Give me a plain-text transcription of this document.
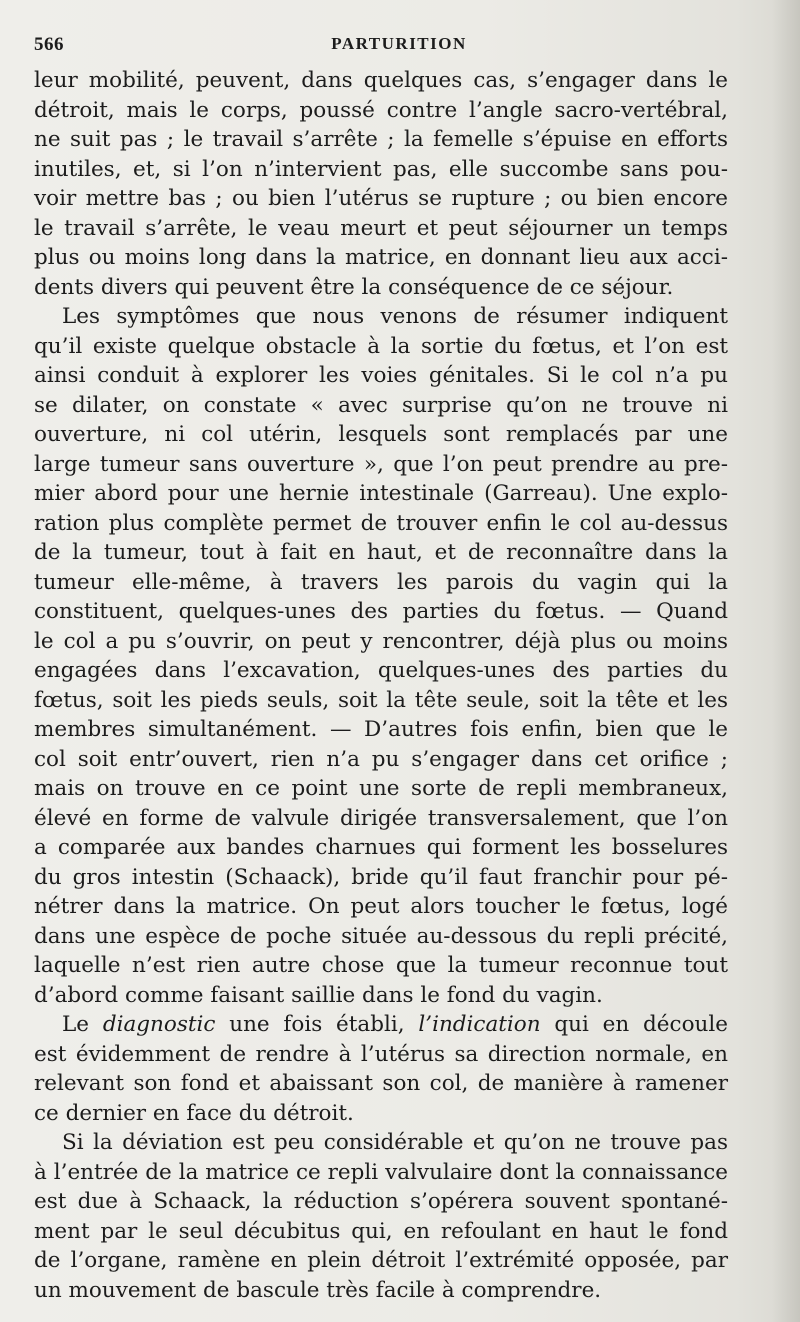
566	PARTURITION
leur mobilité, peuvent, dans quelques cas, s’engager dans le
détroit, mais le corps, poussé contre l’angle sacro-vertébral,
ne suit pas ; le travail s’arrête ; la femelle s’épuise en efforts
inutiles, et, si l’on n’intervient pas, elle succombe sans pou-
voir mettre bas ; ou bien l’utérus se rupture ; ou bien encore
le travail s’arrête, le veau meurt et peut séjourner un temps
plus ou moins long dans la matrice, en donnant lieu aux acci-
dents divers qui peuvent être la conséquence de ce séjour.
Les symptômes que nous venons de résumer indiquent
qu’il existe quelque obstacle à la sortie du fœtus, et l’on est
ainsi conduit à explorer les voies génitales. Si le col n’a pu
se dilater, on constate « avec surprise qu’on ne trouve ni
ouverture, ni col utérin, lesquels sont remplacés par une
large tumeur sans ouverture », que l’on peut prendre au pre-
mier abord pour une hernie intestinale (Garreau). Une explo-
ration plus complète permet de trouver enfin le col au-dessus
de la tumeur, tout à fait en haut, et de reconnaître dans la
tumeur elle-même, à travers les parois du vagin qui la
constituent, quelques-unes des parties du fœtus. — Quand
le col a pu s’ouvrir, on peut y rencontrer, déjà plus ou moins
engagées dans l’excavation, quelques-unes des parties du
fœtus, soit les pieds seuls, soit la tête seule, soit la tête et les
membres simultanément. — D’autres fois enfin, bien que le
col soit entr’ouvert, rien n’a pu s’engager dans cet orifice ;
mais on trouve en ce point une sorte de repli membraneux,
élevé en forme de valvule dirigée transversalement, que l’on
a comparée aux bandes charnues qui forment les bosselures
du gros intestin (Schaack), bride qu’il faut franchir pour pé-
nétrer dans la matrice. On peut alors toucher le fœtus, logé
dans une espèce de poche située au-dessous du repli précité,
laquelle n’est rien autre chose que la tumeur reconnue tout
d’abord comme faisant saillie dans le fond du vagin.
Le diagnostic une fois établi, l’indication qui en découle
est évidemment de rendre à l’utérus sa direction normale, en
relevant son fond et abaissant son col, de manière à ramener
ce dernier en face du détroit.
Si la déviation est peu considérable et qu’on ne trouve pas
à l’entrée de la matrice ce repli valvulaire dont la connaissance
est due à Schaack, la réduction s’opérera souvent spontané-
ment par le seul décubitus qui, en refoulant en haut le fond
de l’organe, ramène en plein détroit l’extrémité opposée, par
un mouvement de bascule très facile à comprendre.
